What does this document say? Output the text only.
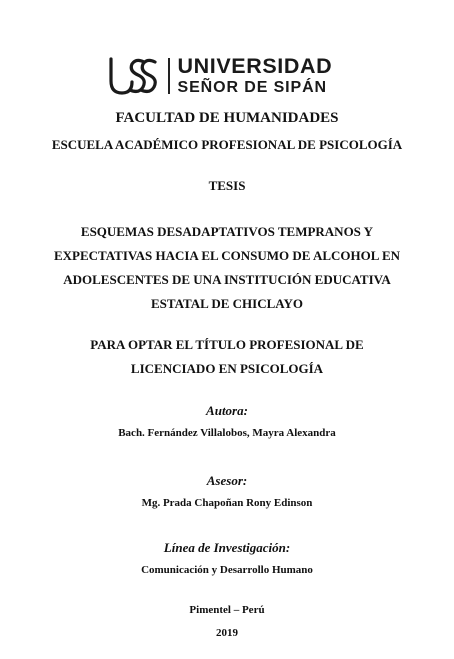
UNIVERSIDAD
SEÑOR DE SIPÁN
FACULTAD DE HUMANIDADES
ESCUELA ACADÉMICO PROFESIONAL DE PSICOLOGÍA
TESIS
ESQUEMAS DESADAPTATIVOS TEMPRANOS Y
EXPECTATIVAS HACIA EL CONSUMO DE ALCOHOL EN
ADOLESCENTES DE UNA INSTITUCIÓN EDUCATIVA
ESTATAL DE CHICLAYO
PARA OPTAR EL TÍTULO PROFESIONAL DE
LICENCIADO EN PSICOLOGÍA
Autora:
Bach. Fernández Villalobos, Mayra Alexandra
Asesor:
Mg. Prada Chapoñan Rony Edinson
Línea de Investigación:
Comunicación y Desarrollo Humano
Pimentel – Perú
2019
